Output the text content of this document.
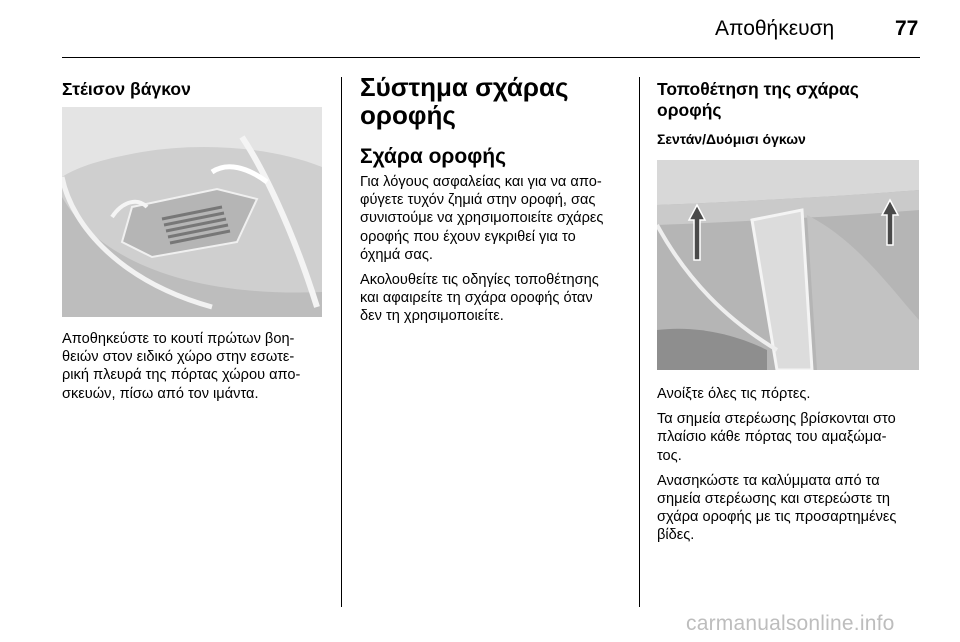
Αποθήκευση	77
Στέισον βάγκον

Αποθηκεύστε το κουτί πρώτων βοη-
θειών στον ειδικό χώρο στην εσωτε-
ρική πλευρά της πόρτας χώρου απο-
σκευών, πίσω από τον ιμάντα.

Σύστημα σχάρας
οροφής
Σχάρα οροφής

Για λόγους ασφαλείας και για να απο-
φύγετε τυχόν ζημιά στην οροφή, σας
συνιστούμε να χρησιμοποιείτε σχάρες
οροφής που έχουν εγκριθεί για το
όχημά σας.

Ακολουθείτε τις οδηγίες τοποθέτησης
και αφαιρείτε τη σχάρα οροφής όταν
δεν τη χρησιμοποιείτε.

Τοποθέτηση της σχάρας
οροφής
Σεντάν/Δυόμισι όγκων

Ανοίξτε όλες τις πόρτες.

Τα σημεία στερέωσης βρίσκονται στο
πλαίσιο κάθε πόρτας του αμαξώμα-
τος.

Ανασηκώστε τα καλύμματα από τα
σημεία στερέωσης και στερεώστε τη
σχάρα οροφής με τις προσαρτημένες
βίδες.

carmanualsonline.info
